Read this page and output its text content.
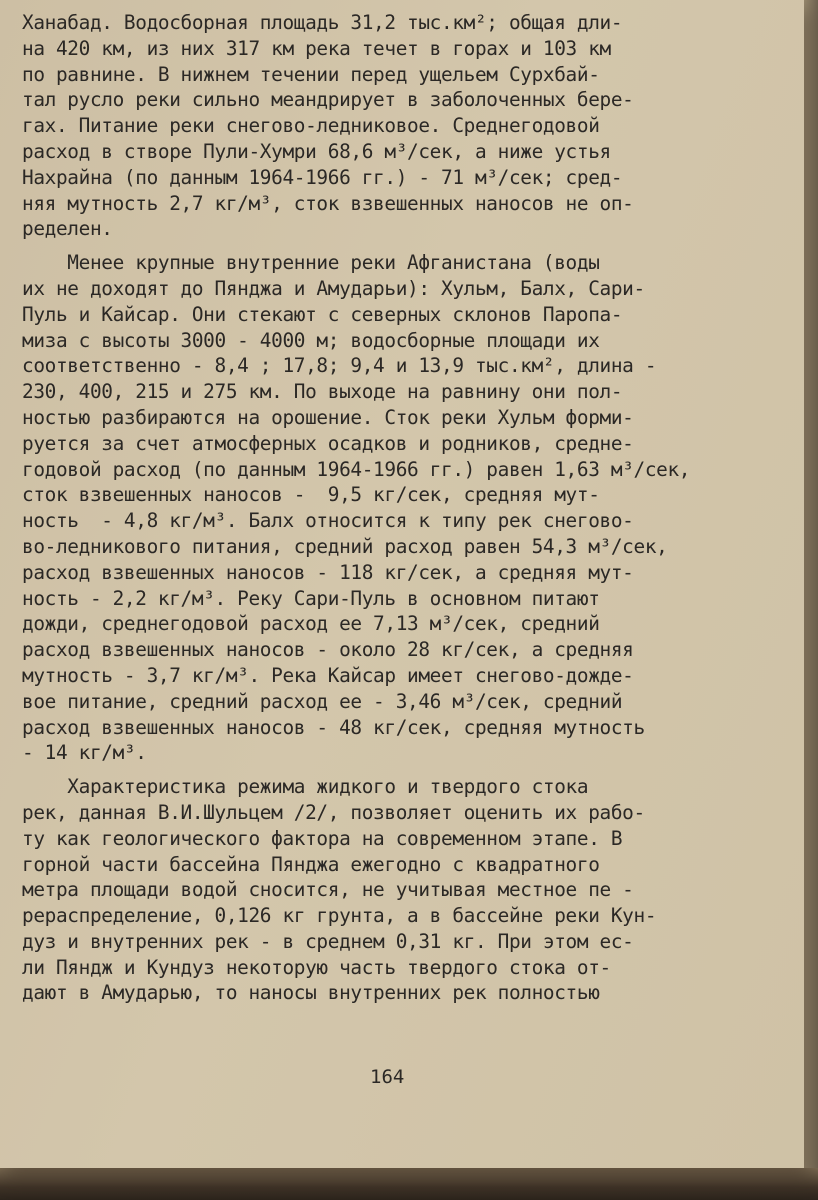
Ханабад. Водосборная площадь 31,2 тыс.км²; общая дли-
на 420 км, из них 317 км река течет в горах и 103 км
по равнине. В нижнем течении перед ущельем Сурхбай-
тал русло реки сильно меандрирует в заболоченных бере-
гах. Питание реки снегово-ледниковое. Среднегодовой
расход в створе Пули-Хумри 68,6 м³/сек, а ниже устья
Нахрайна (по данным 1964-1966 гг.) - 71 м³/сек; сред-
няя мутность 2,7 кг/м³, сток взвешенных наносов не оп-
ределен.
Менее крупные внутренние реки Афганистана (воды
их не доходят до Пянджа и Амударьи): Хульм, Балх, Сари-
Пуль и Кайсар. Они стекают с северных склонов Паропа-
миза с высоты 3000 - 4000 м; водосборные площади их
соответственно - 8,4 ; 17,8; 9,4 и 13,9 тыс.км², длина -
230, 400, 215 и 275 км. По выходе на равнину они пол-
ностью разбираются на орошение. Сток реки Хульм форми-
руется за счет атмосферных осадков и родников, средне-
годовой расход (по данным 1964-1966 гг.) равен 1,63 м³/сек,
сток взвешенных наносов -  9,5 кг/сек, средняя мут-
ность  - 4,8 кг/м³. Балх относится к типу рек снегово-
во-ледникового питания, средний расход равен 54,3 м³/сек,
расход взвешенных наносов - 118 кг/сек, а средняя мут-
ность - 2,2 кг/м³. Реку Сари-Пуль в основном питают
дожди, среднегодовой расход ее 7,13 м³/сек, средний
расход взвешенных наносов - около 28 кг/сек, а средняя
мутность - 3,7 кг/м³. Река Кайсар имеет снегово-дожде-
вое питание, средний расход ее - 3,46 м³/сек, средний
расход взвешенных наносов - 48 кг/сек, средняя мутность
- 14 кг/м³.
Характеристика режима жидкого и твердого стока
рек, данная В.И.Шульцем /2/, позволяет оценить их рабо-
ту как геологического фактора на современном этапе. В
горной части бассейна Пянджа ежегодно с квадратного
метра площади водой сносится, не учитывая местное пе -
рераспределение, 0,126 кг грунта, а в бассейне реки Кун-
дуз и внутренних рек - в среднем 0,31 кг. При этом ес-
ли Пяндж и Кундуз некоторую часть твердого стока от-
дают в Амударью, то наносы внутренних рек полностью
164
